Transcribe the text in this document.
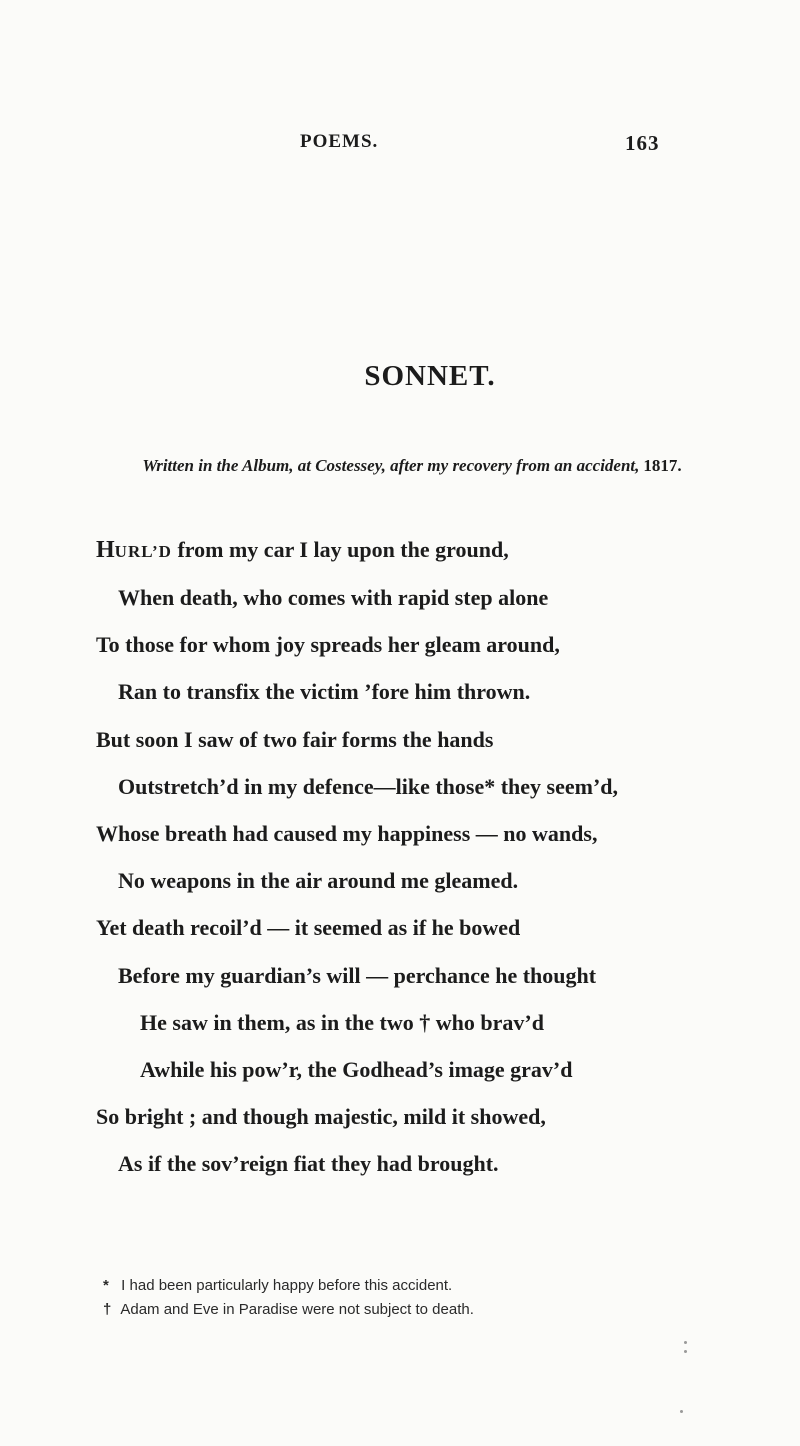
POEMS.	163
SONNET.
Written in the Album, at Costessey, after my recovery from an accident, 1817.
HURL’D from my car I lay upon the ground,
When death, who comes with rapid step alone
To those for whom joy spreads her gleam around,
Ran to transfix the victim ’fore him thrown.
But soon I saw of two fair forms the hands
Outstretch’d in my defence—like those* they seem’d,
Whose breath had caused my happiness — no wands,
No weapons in the air around me gleamed.
Yet death recoil’d — it seemed as if he bowed
Before my guardian’s will — perchance he thought
He saw in them, as in the two † who brav’d
Awhile his pow’r, the Godhead’s image grav’d
So bright ; and though majestic, mild it showed,
As if the sov’reign fiat they had brought.
* I had been particularly happy before this accident.
† Adam and Eve in Paradise were not subject to death.
